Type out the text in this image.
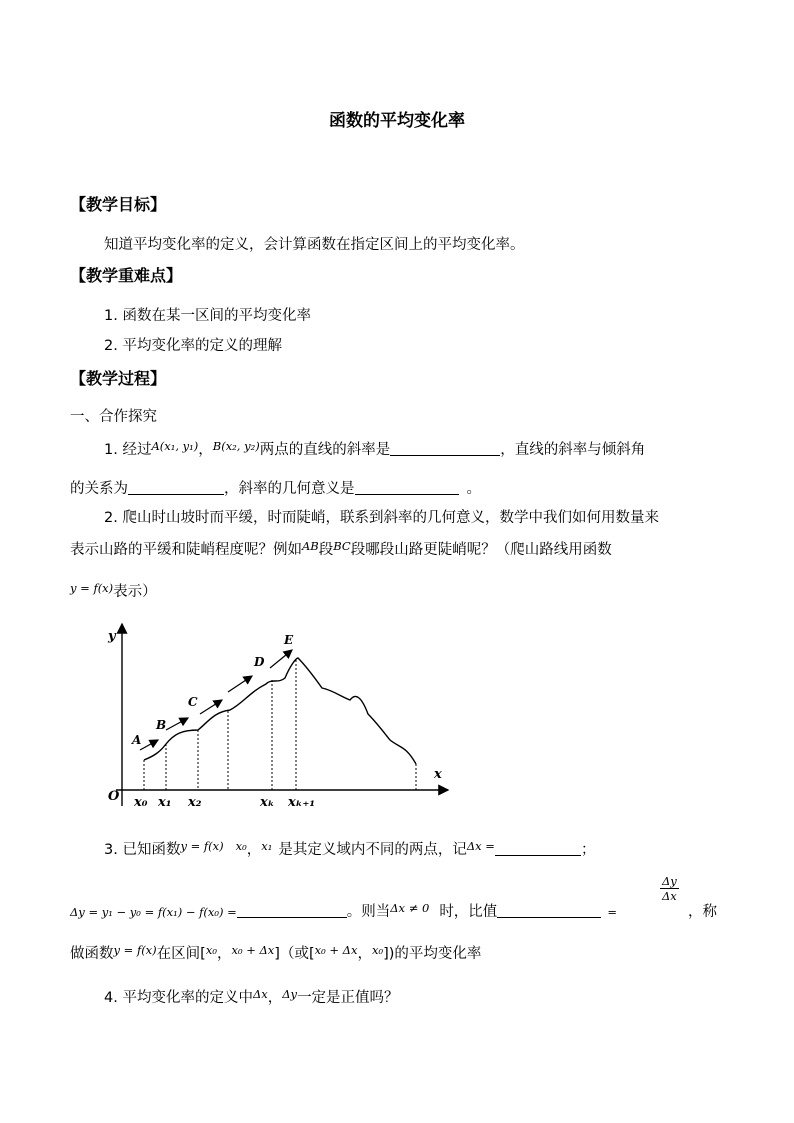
函数的平均变化率
【教学目标】
知道平均变化率的定义，会计算函数在指定区间上的平均变化率。
【教学重难点】
1. 函数在某一区间的平均变化率
2. 平均变化率的定义的理解
【教学过程】
一、合作探究
1. 经过$^{A(x_1, y_1)}$，$^{B(x_2, y_2)}$两点的直线的斜率是	，直线的斜率与倾斜角
的关系为	，斜率的几何意义是	。
2. 爬山时山坡时而平缓，时而陡峭，联系到斜率的几何意义，数学中我们如何用数量来
表示山路的平缓和陡峭程度呢？例如$^{AB}$段$^{BC}$段哪段山路更陡峭呢？（爬山路线用函数
$^{y = f(x)}$表示）
y
x
O
A
B
C
D
E
x₀ x₁ x₂	xₖ xₖ₊₁
3. 已知函数$^{y = f(x)}$ $^{x_0}$，$^{x_1}$ 是其定义域内不同的两点，记$^{\Delta x =}$	；
$\frac{\Delta y}{\Delta x}$
Δy = y₁ − y₀ = f(x₁) − f(x₀) =	。则当$^{\Delta x \ne 0}$ 时，比值	=	，称
做函数$^{y = f(x)}$在区间[$^{x_0}$，$^{x_0 + \Delta x}$]（或[$^{x_0 + \Delta x}$，$^{x_0}$])的平均变化率
4. 平均变化率的定义中$^{\Delta x}$，$^{\Delta y}$一定是正值吗？
